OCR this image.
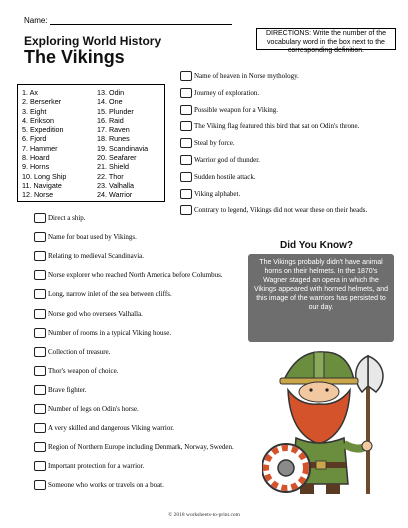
Name:
Exploring World History
The Vikings
DIRECTIONS: Write the number of the vocabulary word in the box next to the corresponding definition.
1. Ax
2. Berserker
3. Eight
4. Erikson
5. Expedition
6. Fjord
7. Hammer
8. Hoard
9. Horns
10. Long Ship
11. Navigate
12. Norse
13. Odin
14. One
15. Plunder
16. Raid
17. Raven
18. Runes
19. Scandinavia
20. Seafarer
21. Shield
22. Thor
23. Valhalla
24. Warrior
Name of heaven in Norse mythology.
Journey of exploration.
Possible weapon for a Viking.
The Viking flag featured this bird that sat on Odin's throne.
Steal by force.
Warrior god of thunder.
Sudden hostile attack.
Viking alphabet.
Contrary to legend, Vikings did not wear these on their heads.
Direct a ship.
Name for boat used by Vikings.
Relating to medieval Scandinavia.
Norse explorer who reached North America before Columbus.
Long, narrow inlet of the sea between cliffs.
Norse god who oversees Valhalla.
Number of rooms in a typical Viking house.
Collection of treasure.
Thor's weapon of choice.
Brave fighter.
Number of legs on Odin's horse.
A very skilled and dangerous Viking warrior.
Region of Northern Europe including Denmark, Norway, Sweden.
Important protection for a warrior.
Someone who works or travels on a boat.
Did You Know?
The Vikings probably didn't have animal horns on their helmets. In the 1870's Wagner staged an opera in which the Vikings appeared with horned helmets, and this image of the warriors has persisted to our day.
© 2018 worksheets-to-print.com
